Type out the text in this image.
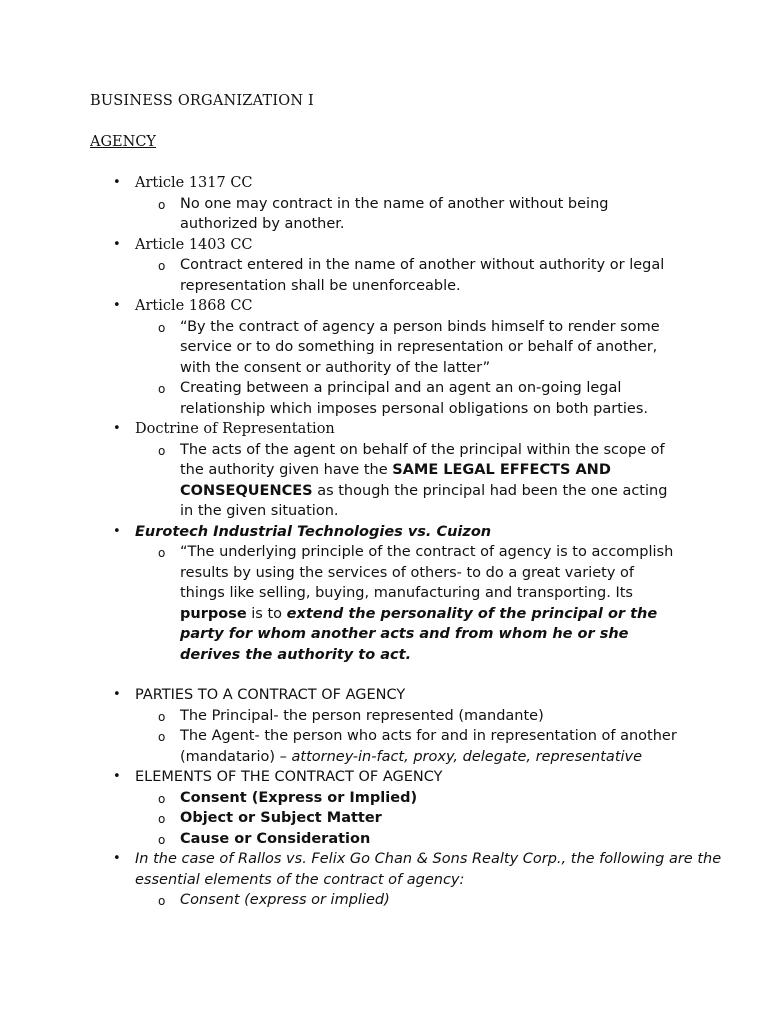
BUSINESS ORGANIZATION I
AGENCY
• Article 1317 CC
o No one may contract in the name of another without being authorized by another.
• Article 1403 CC
o Contract entered in the name of another without authority or legal representation shall be unenforceable.
• Article 1868 CC
o “By the contract of agency a person binds himself to render some service or to do something in representation or behalf of another, with the consent or authority of the latter”
o Creating between a principal and an agent an on-going legal relationship which imposes personal obligations on both parties.
• Doctrine of Representation
o The acts of the agent on behalf of the principal within the scope of the authority given have the SAME LEGAL EFFECTS AND CONSEQUENCES as though the principal had been the one acting in the given situation.
• Eurotech Industrial Technologies vs. Cuizon
o “The underlying principle of the contract of agency is to accomplish results by using the services of others- to do a great variety of things like selling, buying, manufacturing and transporting. Its purpose is to extend the personality of the principal or the party for whom another acts and from whom he or she derives the authority to act.
• PARTIES TO A CONTRACT OF AGENCY
o The Principal- the person represented (mandante)
o The Agent- the person who acts for and in representation of another (mandatario) – attorney-in-fact, proxy, delegate, representative
• ELEMENTS OF THE CONTRACT OF AGENCY
o Consent (Express or Implied)
o Object or Subject Matter
o Cause or Consideration
• In the case of Rallos vs. Felix Go Chan & Sons Realty Corp., the following are the essential elements of the contract of agency:
o Consent (express or implied)
